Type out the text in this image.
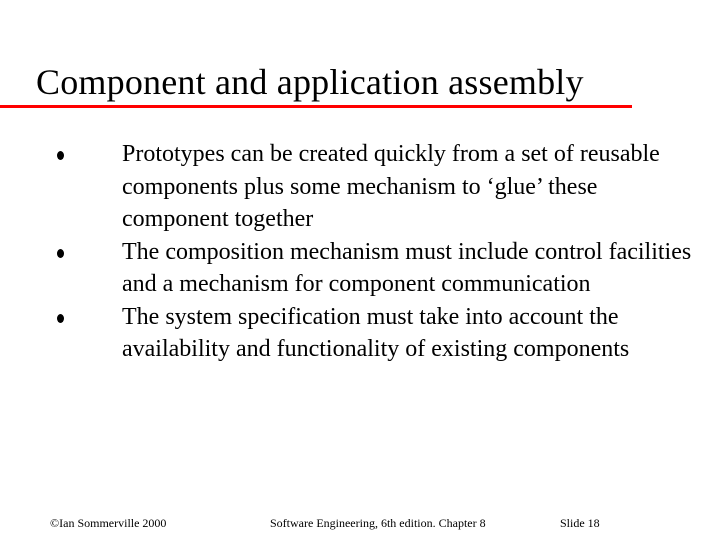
Component and application assembly
Prototypes can be created quickly from a set of reusable components plus some mechanism to ‘glue’ these component together
The composition mechanism must include control facilities and a mechanism for component communication
The system specification must take into account the availability and functionality of existing components
©Ian Sommerville 2000	Software Engineering, 6th edition. Chapter 8	Slide 18
